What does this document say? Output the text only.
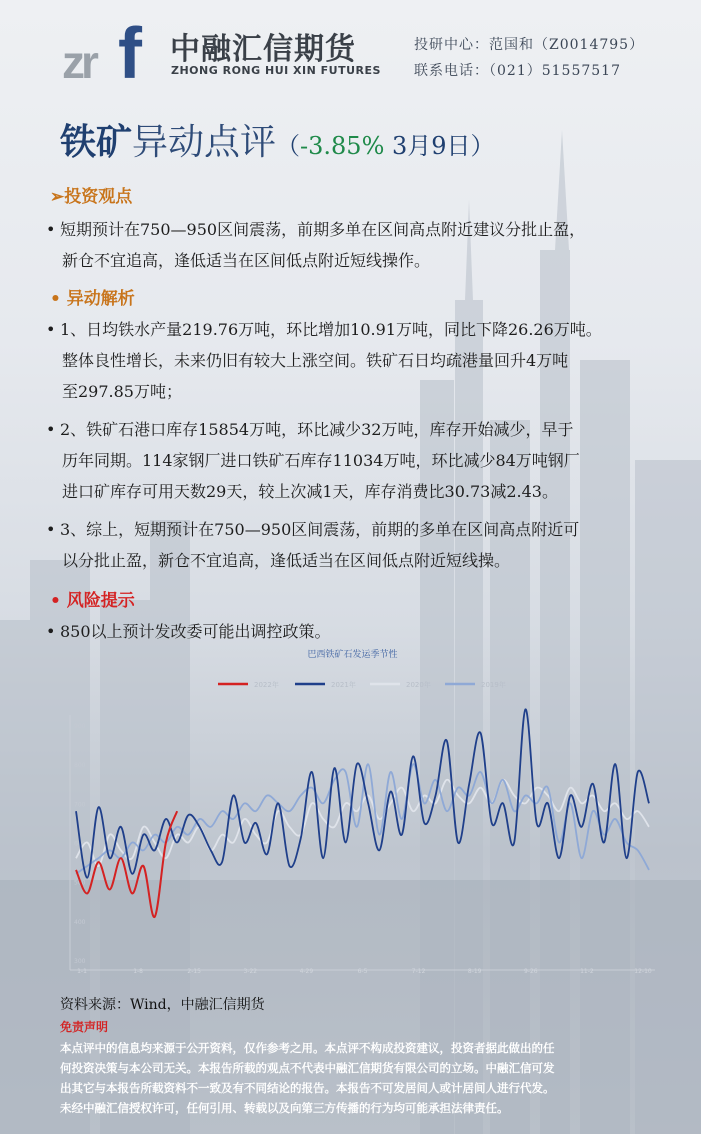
zr f 中融汇信期货
ZHONG RONG HUI XIN FUTURES
投研中心：范国和（Z0014795）
联系电话：（021）51557517
铁矿异动点评（-3.85% 3月9日）
➢投资观点
• 短期预计在750—950区间震荡，前期多单在区间高点附近建议分批止盈，
新仓不宜追高，逢低适当在区间低点附近短线操作。
• 异动解析
• 1、日均铁水产量219.76万吨，环比增加10.91万吨，同比下降26.26万吨。
整体良性增长，未来仍旧有较大上涨空间。铁矿石日均疏港量回升4万吨
至297.85万吨；
• 2、铁矿石港口库存15854万吨，环比减少32万吨，库存开始减少，早于
历年同期。114家钢厂进口铁矿石库存11034万吨，环比减少84万吨钢厂
进口矿库存可用天数29天，较上次减1天，库存消费比30.73减2.43。
• 3、综上，短期预计在750—950区间震荡，前期的多单在区间高点附近可
以分批止盈，新仓不宜追高，逢低适当在区间低点附近短线操。
• 风险提示
• 850以上预计发改委可能出调控政策。
巴西铁矿石发运季节性
2022年	2021年	2020年	2019年
300
400
500
600
700
800
900
1-1	1-8	2-15	3-22	4-29	6-5	7-12	8-19	9-26	11-2	12-10
资料来源：Wind，中融汇信期货
免责声明
本点评中的信息均来源于公开资料，仅作参考之用。本点评不构成投资建议，投资者据此做出的任
何投资决策与本公司无关。本报告所载的观点不代表中融汇信期货有限公司的立场。中融汇信可发
出其它与本报告所载资料不一致及有不同结论的报告。本报告不可发居间人或计居间人进行代发。
未经中融汇信授权许可，任何引用、转载以及向第三方传播的行为均可能承担法律责任。
